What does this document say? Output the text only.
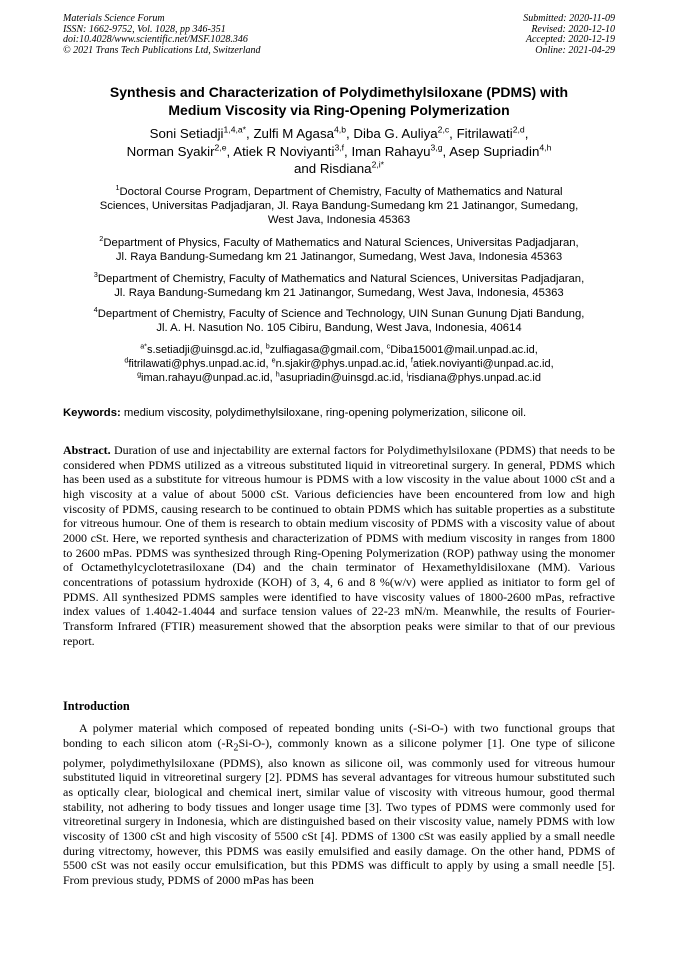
Materials Science Forum
ISSN: 1662-9752, Vol. 1028, pp 346-351
doi:10.4028/www.scientific.net/MSF.1028.346
© 2021 Trans Tech Publications Ltd, Switzerland
Submitted: 2020-11-09
Revised: 2020-12-10
Accepted: 2020-12-19
Online: 2021-04-29
Synthesis and Characterization of Polydimethylsiloxane (PDMS) with
Medium Viscosity via Ring-Opening Polymerization
Soni Setiadji$^{1,4,a*}$, Zulfi M Agasa$^{4,b}$, Diba G. Auliya$^{2,c}$, Fitrilawati$^{2,d}$,
Norman Syakir$^{2,e}$, Atiek R Noviyanti$^{3,f}$, Iman Rahayu$^{3,g}$, Asep Supriadin$^{4,h}$
and Risdiana$^{2,i*}$
$^1$Doctoral Course Program, Department of Chemistry, Faculty of Mathematics and Natural
Sciences, Universitas Padjadjaran, Jl. Raya Bandung-Sumedang km 21 Jatinangor, Sumedang,
West Java, Indonesia 45363
$^2$Department of Physics, Faculty of Mathematics and Natural Sciences, Universitas Padjadjaran,
Jl. Raya Bandung-Sumedang km 21 Jatinangor, Sumedang, West Java, Indonesia 45363
$^3$Department of Chemistry, Faculty of Mathematics and Natural Sciences, Universitas Padjadjaran,
Jl. Raya Bandung-Sumedang km 21 Jatinangor, Sumedang, West Java, Indonesia, 45363
$^4$Department of Chemistry, Faculty of Science and Technology, UIN Sunan Gunung Djati Bandung,
Jl. A. H. Nasution No. 105 Cibiru, Bandung, West Java, Indonesia, 40614
$^{a*}$s.setiadji@uinsgd.ac.id, $^b$zulfiagasa@gmail.com, $^c$Diba15001@mail.unpad.ac.id,
$^d$fitrilawati@phys.unpad.ac.id, $^e$n.sjakir@phys.unpad.ac.id, $^f$atiek.noviyanti@unpad.ac.id,
$^g$iman.rahayu@unpad.ac.id, $^h$asupriadin@uinsgd.ac.id, $^i$risdiana@phys.unpad.ac.id
Keywords: medium viscosity, polydimethylsiloxane, ring-opening polymerization, silicone oil.
Abstract. Duration of use and injectability are external factors for Polydimethylsiloxane (PDMS) that needs to be considered when PDMS utilized as a vitreous substituted liquid in vitreoretinal surgery. In general, PDMS which has been used as a substitute for vitreous humour is PDMS with a low viscosity in the value about 1000 cSt and a high viscosity at a value of about 5000 cSt. Various deficiencies have been encountered from low and high viscosity of PDMS, causing research to be continued to obtain PDMS which has suitable properties as a substitute for vitreous humour. One of them is research to obtain medium viscosity of PDMS with a viscosity value of about 2000 cSt. Here, we reported synthesis and characterization of PDMS with medium viscosity in ranges from 1800 to 2600 mPas. PDMS was synthesized through Ring-Opening Polymerization (ROP) pathway using the monomer of Octamethylcyclotetrasiloxane (D4) and the chain terminator of Hexamethyldisiloxane (MM). Various concentrations of potassium hydroxide (KOH) of 3, 4, 6 and 8 %(w/v) were applied as initiator to form gel of PDMS. All synthesized PDMS samples were identified to have viscosity values of 1800-2600 mPas, refractive index values of 1.4042-1.4044 and surface tension values of 22-23 mN/m. Meanwhile, the results of Fourier-Transform Infrared (FTIR) measurement showed that the absorption peaks were similar to that of our previous report.
Introduction
A polymer material which composed of repeated bonding units (-Si-O-) with two functional groups that bonding to each silicon atom $(-R_2Si-O-)$, commonly known as a silicone polymer [1]. One type of silicone polymer, polydimethylsiloxane (PDMS), also known as silicone oil, was commonly used for vitreous humour substituted liquid in vitreoretinal surgery [2]. PDMS has several advantages for vitreous humour substituted such as optically clear, biological and chemical inert, similar value of viscosity with vitreous humour, good thermal stability, not adhering to body tissues and longer usage time [3]. Two types of PDMS were commonly used for vitreoretinal surgery in Indonesia, which are distinguished based on their viscosity value, namely PDMS with low viscosity of 1300 cSt and high viscosity of 5500 cSt [4]. PDMS of 1300 cSt was easily applied by a small needle during vitrectomy, however, this PDMS was easily emulsified and easily damage. On the other hand, PDMS of 5500 cSt was not easily occur emulsification, but this PDMS was difficult to apply by using a small needle [5]. From previous study, PDMS of 2000 mPas has been
